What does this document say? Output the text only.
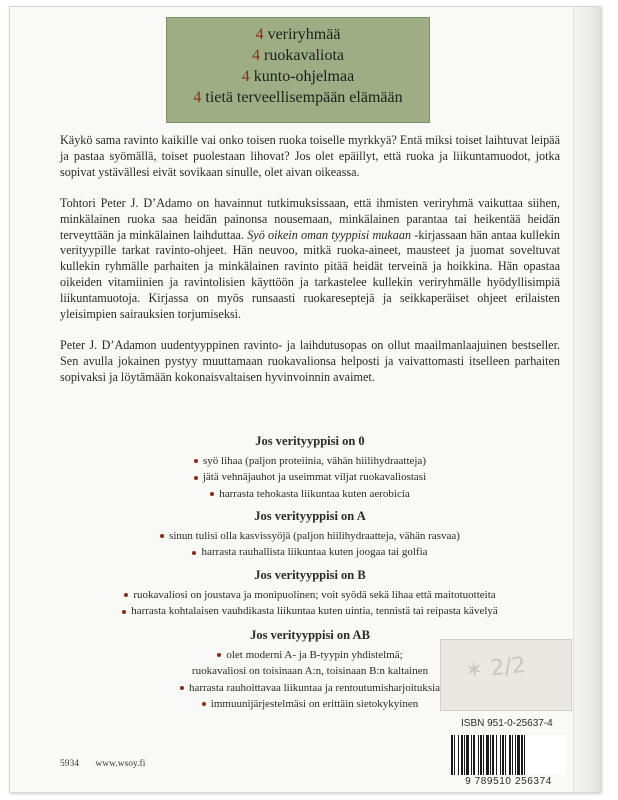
4 veriryhmää
4 ruokavaliota
4 kunto-ohjelmaa
4 tietä terveellisempään elämään

Käykö sama ravinto kaikille vai onko toisen ruoka toiselle myrkkyä? Entä miksi toiset laihtuvat leipää ja pastaa syömällä, toiset puolestaan lihovat? Jos olet epäillyt, että ruoka ja liikuntamuodot, jotka sopivat ystävällesi eivät sovikaan sinulle, olet aivan oikeassa.

Tohtori Peter J. D’Adamo on havainnut tutkimuksissaan, että ihmisten veriryhmä vaikuttaa siihen, minkälainen ruoka saa heidän painonsa nousemaan, minkälainen parantaa tai heikentää heidän terveyttään ja minkälainen laihduttaa. Syö oikein oman tyyppisi mukaan -kirjassaan hän antaa kullekin verityypille tarkat ravinto-ohjeet. Hän neuvoo, mitkä ruoka-aineet, mausteet ja juomat soveltuvat kullekin ryhmälle parhaiten ja minkälainen ravinto pitää heidät terveinä ja hoikkina. Hän opastaa oikeiden vitamiinien ja ravintolisien käyttöön ja tarkastelee kullekin veriryhmälle hyödyllisimpiä liikuntamuotoja. Kirjassa on myös runsaasti ruokareseptejä ja seikkaperäiset ohjeet erilaisten yleisimpien sairauksien torjumiseksi.

Peter J. D’Adamon uudentyyppinen ravinto- ja laihdutusopas on ollut maailmanlaajuinen bestseller. Sen avulla jokainen pystyy muuttamaan ruokavalionsa helposti ja vaivattomasti itselleen parhaiten sopivaksi ja löytämään kokonaisvaltaisen hyvinvoinnin avaimet.

Jos verityyppisi on 0
syö lihaa (paljon proteiinia, vähän hiilihydraatteja)
jätä vehnäjauhot ja useimmat viljat ruokavaliostasi
harrasta tehokasta liikuntaa kuten aerobicia
Jos verityyppisi on A
sinun tulisi olla kasvissyöjä (paljon hiilihydraatteja, vähän rasvaa)
harrasta rauhallista liikuntaa kuten joogaa tai golfia
Jos verityyppisi on B
ruokavaliosi on joustava ja monipuolinen; voit syödä sekä lihaa että maitotuotteita
harrasta kohtalaisen vauhdikasta liikuntaa kuten uintia, tennistä tai reipasta kävelyä
Jos verityyppisi on AB
olet moderni A- ja B-tyypin yhdistelmä;
ruokavaliosi on toisinaan A:n, toisinaan B:n kaltainen
harrasta rauhoittavaa liikuntaa ja rentoutumisharjoituksia
immuunijärjestelmäsi on erittäin sietokykyinen
✶ 2/2
ISBN 951-0-25637-4
9 789510 256374
5934 www.wsoy.fi
